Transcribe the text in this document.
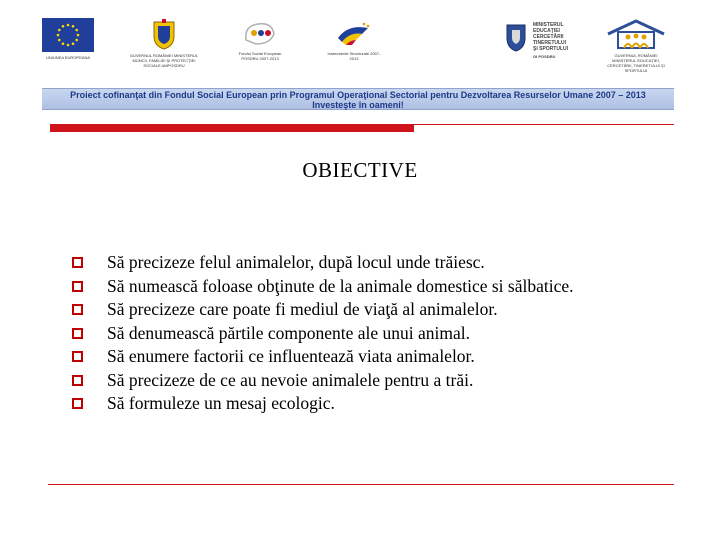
UNIUNEA EUROPEANA	GUVERNUL ROMÂNIEI MINISTERUL MUNCII, FAMILIEI ŞI PROTECŢIEI SOCIALE AMPOSDRU
Fondul Social European POSDRU 2007-2013
Instrumente Structurale 2007-2013
MINISTERUL
EDUCAŢIEI
CERCETĂRII
TINERETULUI
ŞI SPORTULUI
OI POSDRU	GUVERNUL ROMÂNIEI MINISTERUL EDUCAŢIEI, CERCETĂRII, TINERETULUI ŞI SPORTULUI
Proiect cofinanţat din Fondul Social European prin Programul Operaţional Sectorial pentru Dezvoltarea Resurselor Umane 2007 – 2013
Investeşte în oameni!
OBIECTIVE
Să precizeze felul animalelor, după locul unde trăiesc.
Să numească foloase obţinute de la animale domestice si sălbatice.
Să precizeze care poate fi mediul de viaţă al animalelor.
Să denumească părtile componente ale unui animal.
Să enumere factorii ce influentează viata animalelor.
Să precizeze de ce au nevoie animalele pentru a trăi.
Să formuleze un mesaj ecologic.
